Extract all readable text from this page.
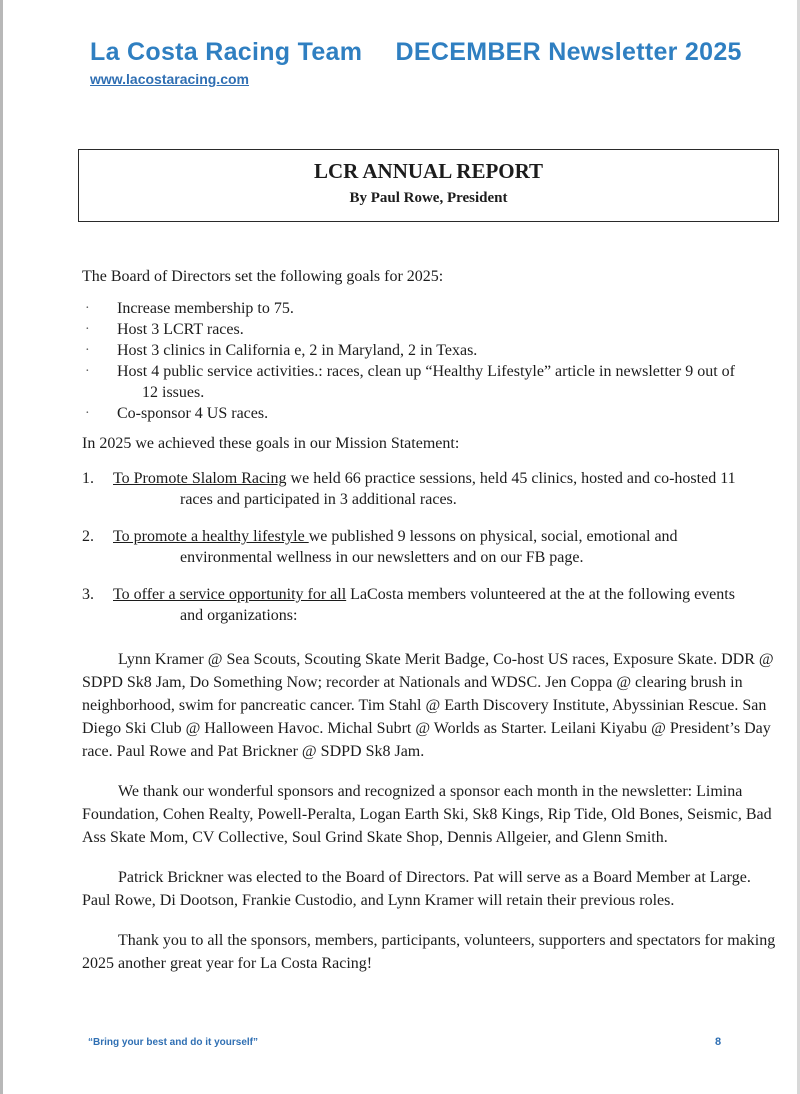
La Costa Racing Team DECEMBER Newsletter 2025
www.lacostaracing.com
LCR ANNUAL REPORT
By Paul Rowe, President

The Board of Directors set the following goals for 2025:

· Increase membership to 75.
· Host 3 LCRT races.
· Host 3 clinics in California e, 2 in Maryland, 2 in Texas.
· Host 4 public service activities.: races, clean up “Healthy Lifestyle” article in newsletter 9 out of
12 issues.
· Co-sponsor 4 US races.

In 2025 we achieved these goals in our Mission Statement:

1. To Promote Slalom Racing we held 66 practice sessions, held 45 clinics, hosted and co-hosted 11
races and participated in 3 additional races.
2. To promote a healthy lifestyle we published 9 lessons on physical, social, emotional and
environmental wellness in our newsletters and on our FB page.
3. To offer a service opportunity for all LaCosta members volunteered at the at the following events
and organizations:

Lynn Kramer @ Sea Scouts, Scouting Skate Merit Badge, Co-host US races, Exposure Skate. DDR @ SDPD Sk8 Jam, Do Something Now; recorder at Nationals and WDSC. Jen Coppa @ clearing brush in neighborhood, swim for pancreatic cancer. Tim Stahl @ Earth Discovery Institute, Abyssinian Rescue. San Diego Ski Club @ Halloween Havoc. Michal Subrt @ Worlds as Starter. Leilani Kiyabu @ President’s Day race. Paul Rowe and Pat Brickner @ SDPD Sk8 Jam.

We thank our wonderful sponsors and recognized a sponsor each month in the newsletter: Limina Foundation, Cohen Realty, Powell-Peralta, Logan Earth Ski, Sk8 Kings, Rip Tide, Old Bones, Seismic, Bad Ass Skate Mom, CV Collective, Soul Grind Skate Shop, Dennis Allgeier, and Glenn Smith.

Patrick Brickner was elected to the Board of Directors. Pat will serve as a Board Member at Large. Paul Rowe, Di Dootson, Frankie Custodio, and Lynn Kramer will retain their previous roles.

Thank you to all the sponsors, members, participants, volunteers, supporters and spectators for making 2025 another great year for La Costa Racing!

“Bring your best and do it yourself”	8
